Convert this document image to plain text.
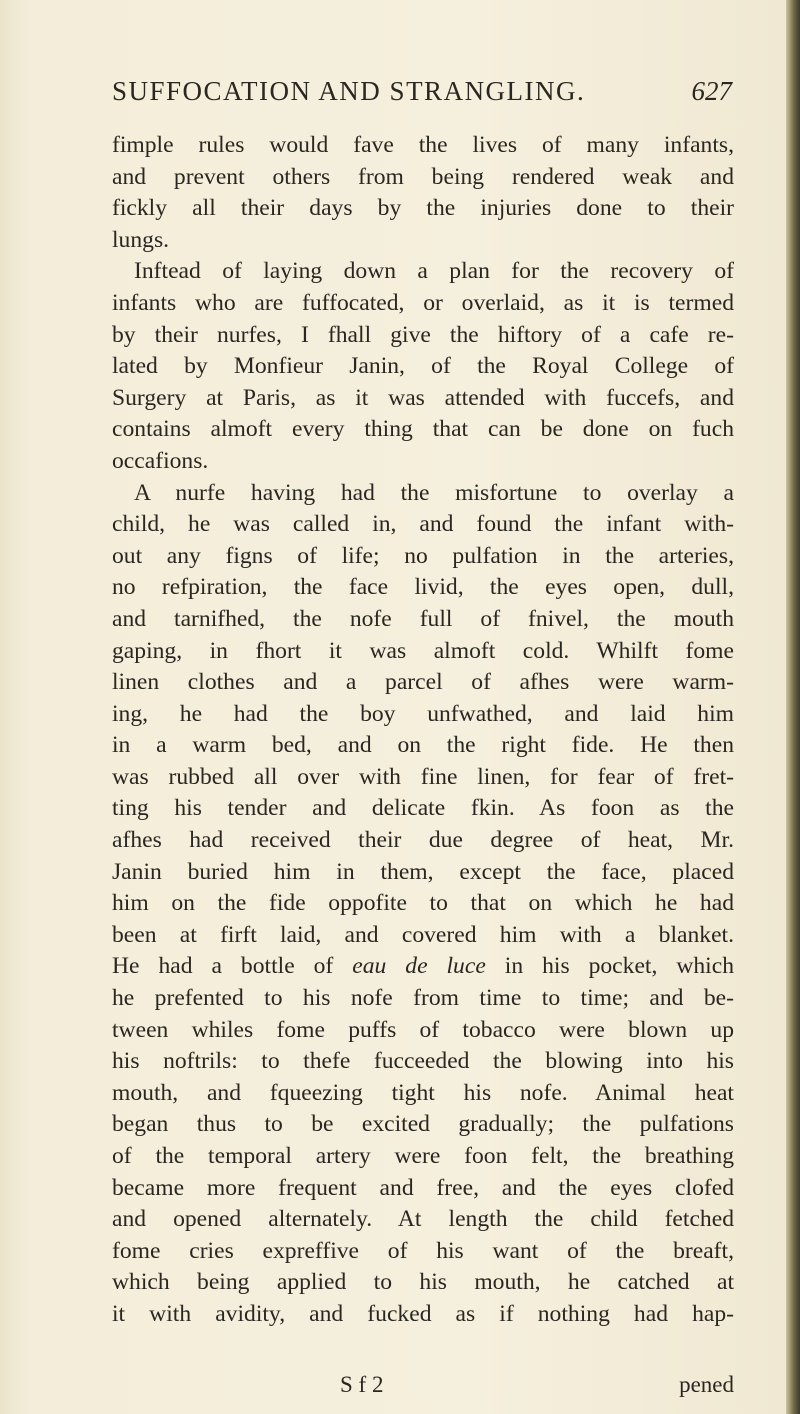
SUFFOCATION AND STRANGLING.	627
fimple rules would fave the lives of many infants,
and prevent others from being rendered weak and
fickly all their days by the injuries done to their
lungs.
Inftead of laying down a plan for the recovery of
infants who are fuffocated, or overlaid, as it is termed
by their nurfes, I fhall give the hiftory of a cafe re-
lated by Monfieur Janin, of the Royal College of
Surgery at Paris, as it was attended with fuccefs, and
contains almoft every thing that can be done on fuch
occafions.
A nurfe having had the misfortune to overlay a
child, he was called in, and found the infant with-
out any figns of life; no pulfation in the arteries,
no refpiration, the face livid, the eyes open, dull,
and tarnifhed, the nofe full of fnivel, the mouth
gaping, in fhort it was almoft cold. Whilft fome
linen clothes and a parcel of afhes were warm-
ing, he had the boy unfwathed, and laid him
in a warm bed, and on the right fide. He then
was rubbed all over with fine linen, for fear of fret-
ting his tender and delicate fkin. As foon as the
afhes had received their due degree of heat, Mr.
Janin buried him in them, except the face, placed
him on the fide oppofite to that on which he had
been at firft laid, and covered him with a blanket.
He had a bottle of eau de luce in his pocket, which
he prefented to his nofe from time to time; and be-
tween whiles fome puffs of tobacco were blown up
his noftrils: to thefe fucceeded the blowing into his
mouth, and fqueezing tight his nofe. Animal heat
began thus to be excited gradually; the pulfations
of the temporal artery were foon felt, the breathing
became more frequent and free, and the eyes clofed
and opened alternately. At length the child fetched
fome cries expreffive of his want of the breaft,
which being applied to his mouth, he catched at
it with avidity, and fucked as if nothing had hap-
S f 2	pened
